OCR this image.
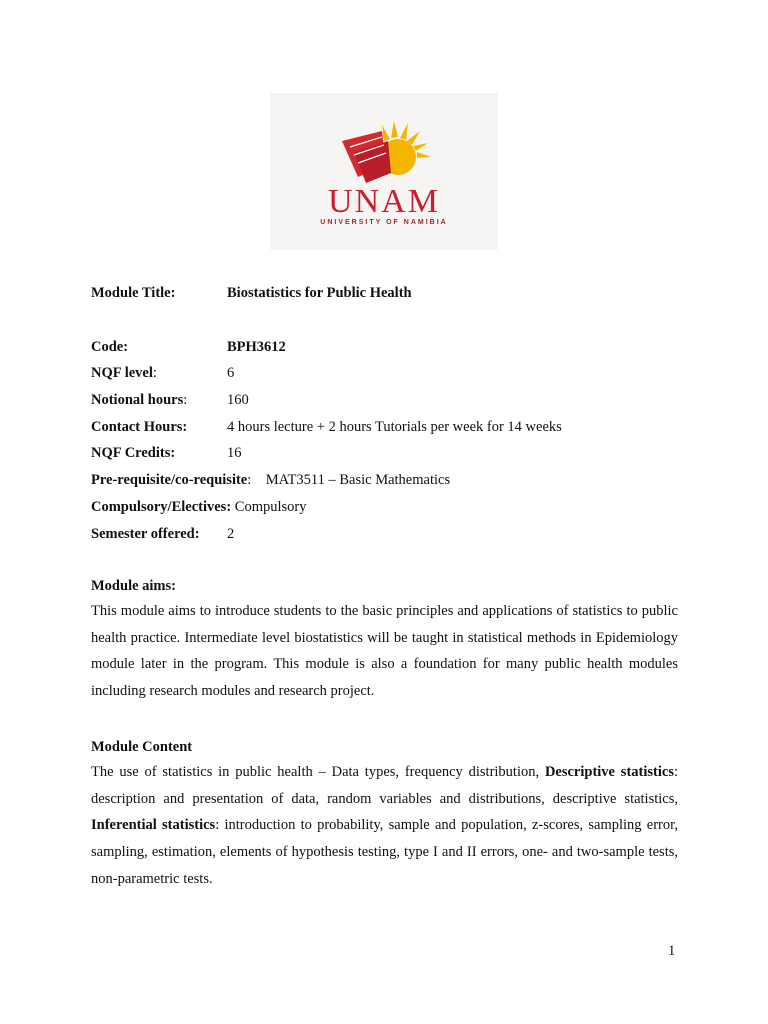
UNAM
UNIVERSITY OF NAMIBIA
Module Title:	Biostatistics for Public Health
Code:	BPH3612
NQF level:	6
Notional hours:	160
Contact Hours:	4 hours lecture + 2 hours Tutorials per week for 14 weeks
NQF Credits:	16
Pre-requisite/co-requisite:    MAT3511 – Basic Mathematics
Compulsory/Electives: Compulsory
Semester offered: 2
Module aims:

This module aims to introduce students to the basic principles and applications of statistics to public health practice. Intermediate level biostatistics will be taught in statistical methods in Epidemiology module later in the program. This module is also a foundation for many public health modules including research modules and research project.

Module Content

The use of statistics in public health – Data types, frequency distribution, Descriptive statistics: description and presentation of data, random variables and distributions, descriptive statistics, Inferential statistics: introduction to probability, sample and population, z-scores, sampling error, sampling, estimation, elements of hypothesis testing, type I and II errors, one- and two-sample tests, non-parametric tests.

1
